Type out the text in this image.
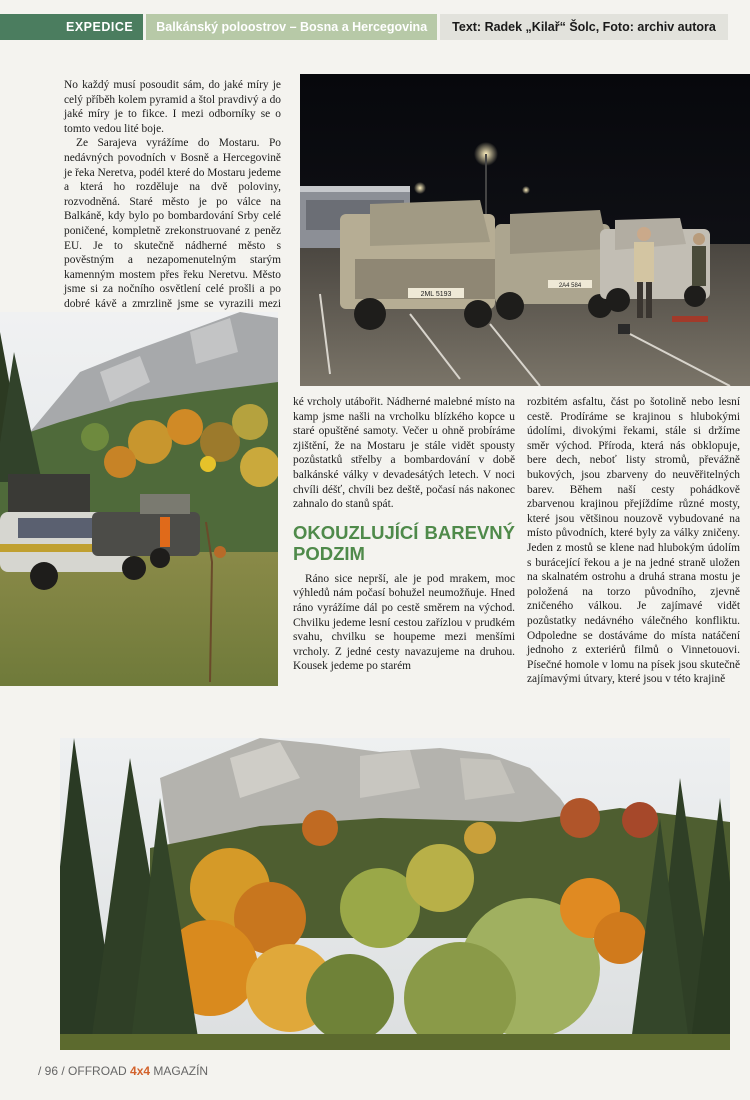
EXPEDICE	Balkánský poloostrov – Bosna a Hercegovina	Text: Radek „Kilař“ Šolc, Foto: archiv autora

No každý musí posoudit sám, do jaké míry je celý příběh kolem pyramid a štol pravdivý a do jaké míry je to fikce. I mezi odborníky se o tomto vedou lité boje.

Ze Sarajeva vyrážíme do Mostaru. Po nedávných povodních v Bosně a Hercegovině je řeka Neretva, podél které do Mostaru jedeme a která ho rozděluje na dvě poloviny, rozvodněná. Staré město je po válce na Balkáně, kdy bylo po bombardování Srby celé poničené, kompletně zrekonstruované z peněz EU. Je to skutečně nádherné město s pověstným a nezapomenutelným starým kamenným mostem přes řeku Neretvu. Město jsme si za nočního osvětlení celé prošli a po dobré kávě a zmrzlině jsme se vyrazili mezi

2ML 5193
2A4 584

ké vrcholy utábořit. Nádherné malebné místo na kamp jsme našli na vrcholku blízkého kopce u staré opuštěné samoty. Večer u ohně probíráme zjištění, že na Mostaru je stále vidět spousty pozůstatků střelby a bombardování v době balkánské války v devadesátých letech. V noci chvíli déšť, chvíli bez deště, počasí nás nakonec zahnalo do stanů spát.

OKOUZLUJÍCÍ BAREVNÝ PODZIM

Ráno sice neprší, ale je pod mrakem, moc výhledů nám počasí bohužel neumožňuje. Hned ráno vyrážíme dál po cestě směrem na východ. Chvilku jedeme lesní cestou zařízlou v prudkém svahu, chvilku se houpeme mezi menšími vrcholy. Z jedné cesty navazujeme na druhou. Kousek jedeme po starém

rozbitém asfaltu, část po šotolině nebo lesní cestě. Prodíráme se krajinou s hlubokými údolími, divokými řekami, stále si držíme směr východ. Příroda, která nás obklopuje, bere dech, neboť listy stromů, převážně bukových, jsou zbarveny do neuvěřitelných barev. Během naší cesty pohádkově zbarvenou krajinou přejíždíme různé mosty, které jsou většinou nouzově vybudované na místo původních, které byly za války zničeny. Jeden z mostů se klene nad hlubokým údolím s burácející řekou a je na jedné straně uložen na skalnatém ostrohu a druhá strana mostu je položená na torzo původního, zjevně zničeného válkou. Je zajímavé vidět pozůstatky nedávného válečného konfliktu. Odpoledne se dostáváme do místa natáčení jednoho z exteriérů filmů o Vinnetouovi. Písečné homole v lomu na písek jsou skutečně zajímavými útvary, které jsou v této krajině

/ 96 / OFFROAD 4x4 MAGAZÍN
